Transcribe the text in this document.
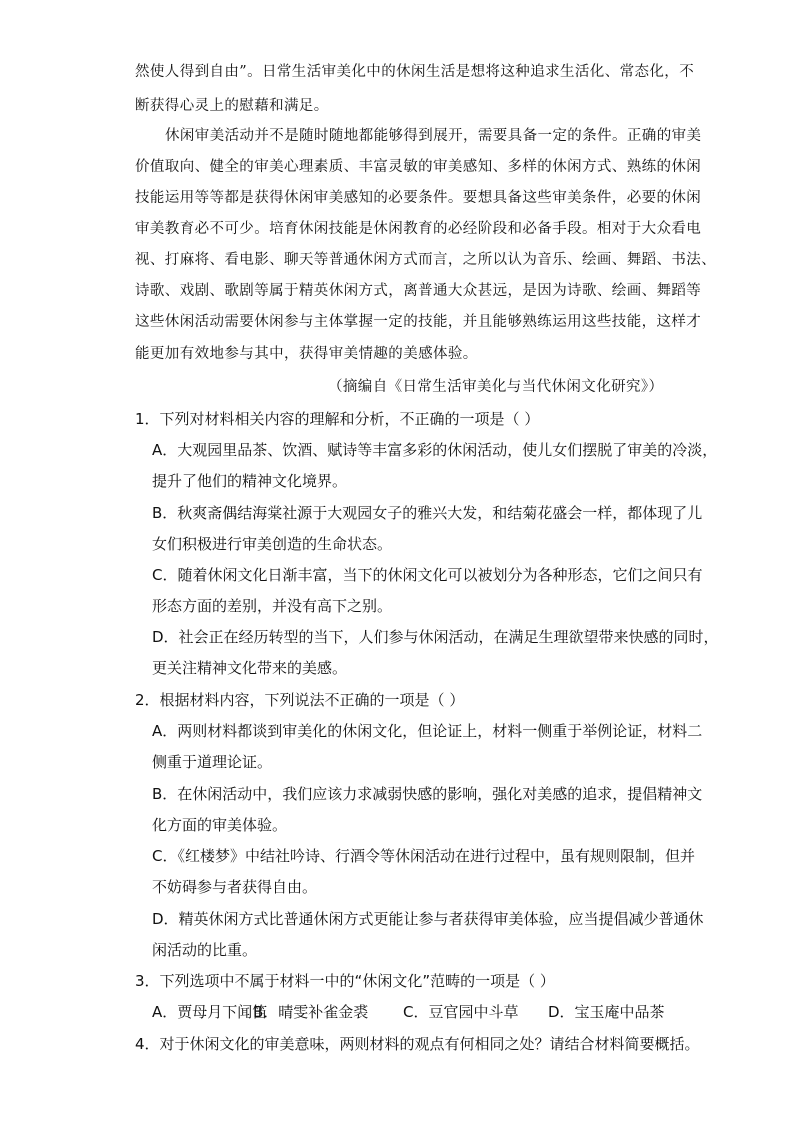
然使人得到自由”。日常生活审美化中的休闲生活是想将这种追求生活化、常态化，不
断获得心灵上的慰藉和满足。
休闲审美活动并不是随时随地都能够得到展开，需要具备一定的条件。正确的审美
价值取向、健全的审美心理素质、丰富灵敏的审美感知、多样的休闲方式、熟练的休闲
技能运用等等都是获得休闲审美感知的必要条件。要想具备这些审美条件，必要的休闲
审美教育必不可少。培育休闲技能是休闲教育的必经阶段和必备手段。相对于大众看电
视、打麻将、看电影、聊天等普通休闲方式而言，之所以认为音乐、绘画、舞蹈、书法、
诗歌、戏剧、歌剧等属于精英休闲方式，离普通大众甚远，是因为诗歌、绘画、舞蹈等
这些休闲活动需要休闲参与主体掌握一定的技能，并且能够熟练运用这些技能，这样才
能更加有效地参与其中，获得审美情趣的美感体验。
（摘编自《日常生活审美化与当代休闲文化研究》）
1．下列对材料相关内容的理解和分析，不正确的一项是（ ）
A．大观园里品茶、饮酒、赋诗等丰富多彩的休闲活动，使儿女们摆脱了审美的冷淡，
提升了他们的精神文化境界。
B．秋爽斋偶结海棠社源于大观园女子的雅兴大发，和结菊花盛会一样，都体现了儿
女们积极进行审美创造的生命状态。
C．随着休闲文化日渐丰富，当下的休闲文化可以被划分为各种形态，它们之间只有
形态方面的差别，并没有高下之别。
D．社会正在经历转型的当下，人们参与休闲活动，在满足生理欲望带来快感的同时，
更关注精神文化带来的美感。
2．根据材料内容，下列说法不正确的一项是（ ）
A．两则材料都谈到审美化的休闲文化，但论证上，材料一侧重于举例论证，材料二
侧重于道理论证。
B．在休闲活动中，我们应该力求减弱快感的影响，强化对美感的追求，提倡精神文
化方面的审美体验。
C．《红楼梦》中结社吟诗、行酒令等休闲活动在进行过程中，虽有规则限制，但并
不妨碍参与者获得自由。
D．精英休闲方式比普通休闲方式更能让参与者获得审美体验，应当提倡减少普通休
闲活动的比重。
3．下列选项中不属于材料一中的“休闲文化”范畴的一项是（ ）
A．贾母月下闻笛
B．晴雯补雀金裘 C．豆官园中斗草 D．宝玉庵中品茶
4．对于休闲文化的审美意味，两则材料的观点有何相同之处？请结合材料简要概括。
